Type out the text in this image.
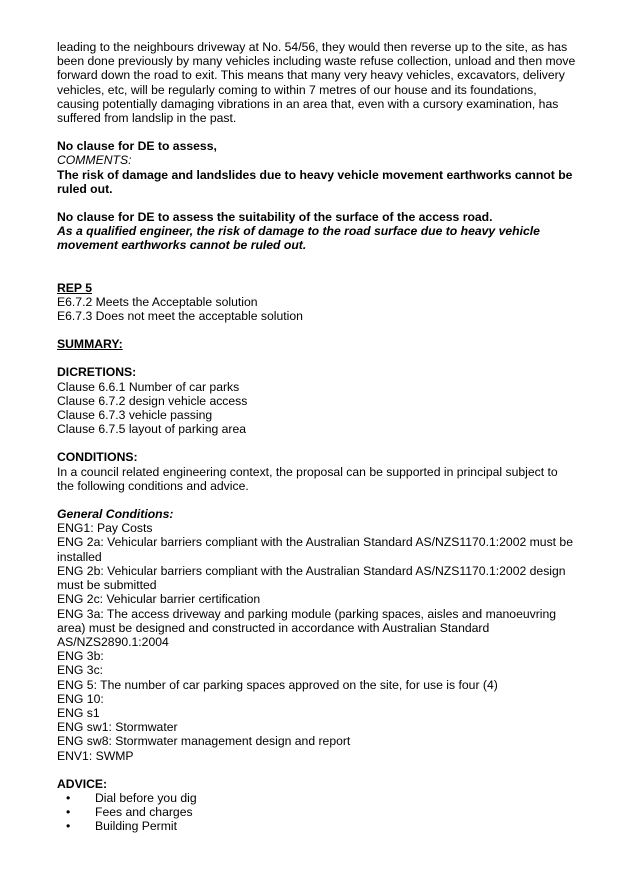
leading to the neighbours driveway at No. 54/56, they would then reverse up to the site, as has been done previously by many vehicles including waste refuse collection, unload and then move forward down the road to exit. This means that many very heavy vehicles, excavators, delivery vehicles, etc, will be regularly coming to within 7 metres of our house and its foundations, causing potentially damaging vibrations in an area that, even with a cursory examination, has suffered from landslip in the past.

No clause for DE to assess,

COMMENTS:

The risk of damage and landslides due to heavy vehicle movement earthworks cannot be ruled out.

No clause for DE to assess the suitability of the surface of the access road.

As a qualified engineer, the risk of damage to the road surface due to heavy vehicle movement earthworks cannot be ruled out.

REP 5

E6.7.2 Meets the Acceptable solution

E6.7.3 Does not meet the acceptable solution

SUMMARY:

DICRETIONS:

Clause 6.6.1 Number of car parks

Clause 6.7.2 design vehicle access

Clause 6.7.3 vehicle passing

Clause 6.7.5 layout of parking area

CONDITIONS:

In a council related engineering context, the proposal can be supported in principal subject to the following conditions and advice.

General Conditions:

ENG1: Pay Costs

ENG 2a: Vehicular barriers compliant with the Australian Standard AS/NZS1170.1:2002 must be installed

ENG 2b: Vehicular barriers compliant with the Australian Standard AS/NZS1170.1:2002 design must be submitted

ENG 2c: Vehicular barrier certification

ENG 3a: The access driveway and parking module (parking spaces, aisles and manoeuvring area) must be designed and constructed in accordance with Australian Standard AS/NZS2890.1:2004

ENG 3b:

ENG 3c:

ENG 5: The number of car parking spaces approved on the site, for use is four (4)

ENG 10:

ENG s1

ENG sw1: Stormwater

ENG sw8: Stormwater management design and report

ENV1: SWMP

ADVICE:

• Dial before you dig
• Fees and charges
• Building Permit
